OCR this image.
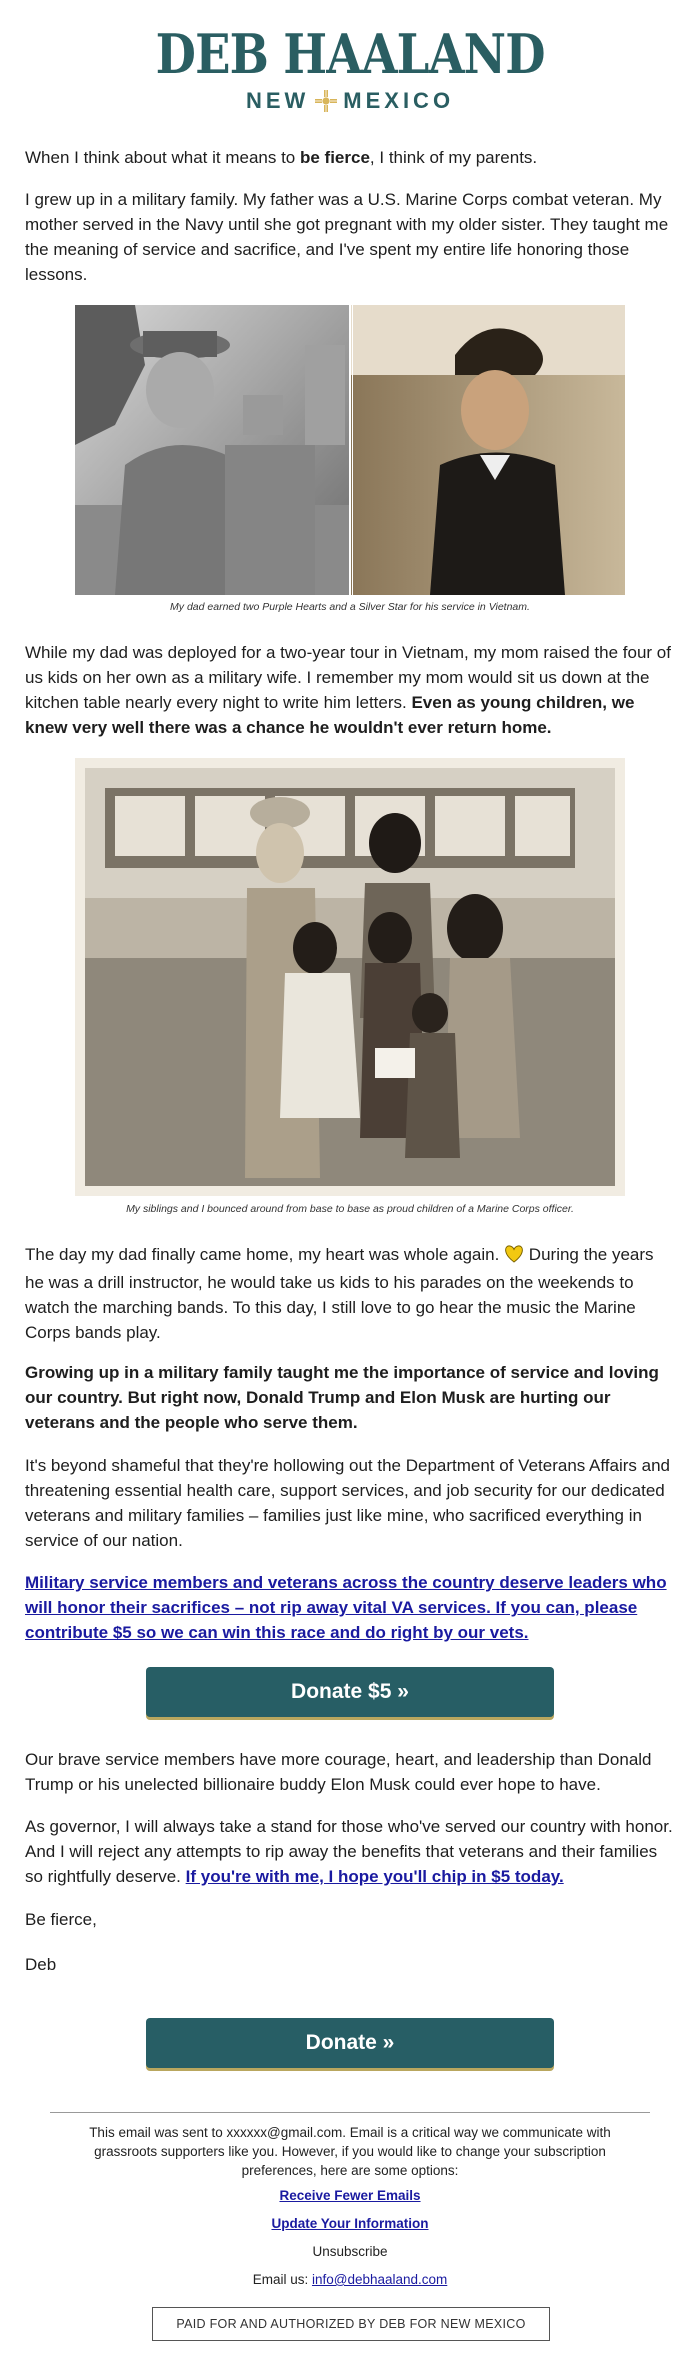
DEB HAALAND
NEW MEXICO

When I think about what it means to be fierce, I think of my parents.

I grew up in a military family. My father was a U.S. Marine Corps combat veteran. My mother served in the Navy until she got pregnant with my older sister. They taught me the meaning of service and sacrifice, and I've spent my entire life honoring those lessons.

My dad earned two Purple Hearts and a Silver Star for his service in Vietnam.

While my dad was deployed for a two-year tour in Vietnam, my mom raised the four of us kids on her own as a military wife. I remember my mom would sit us down at the kitchen table nearly every night to write him letters. Even as young children, we knew very well there was a chance he wouldn't ever return home.

My siblings and I bounced around from base to base as proud children of a Marine Corps officer.

The day my dad finally came home, my heart was whole again.  During the years he was a drill instructor, he would take us kids to his parades on the weekends to watch the marching bands. To this day, I still love to go hear the music the Marine Corps bands play.

Growing up in a military family taught me the importance of service and loving our country. But right now, Donald Trump and Elon Musk are hurting our veterans and the people who serve them.

It's beyond shameful that they're hollowing out the Department of Veterans Affairs and threatening essential health care, support services, and job security for our dedicated veterans and military families – families just like mine, who sacrificed everything in service of our nation.

Military service members and veterans across the country deserve leaders who will honor their sacrifices – not rip away vital VA services. If you can, please contribute $5 so we can win this race and do right by our vets.

Donate $5 »

Our brave service members have more courage, heart, and leadership than Donald Trump or his unelected billionaire buddy Elon Musk could ever hope to have.

As governor, I will always take a stand for those who've served our country with honor. And I will reject any attempts to rip away the benefits that veterans and their families so rightfully deserve. If you're with me, I hope you'll chip in $5 today.

Be fierce,

Deb

Donate »
This email was sent to xxxxxx@gmail.com. Email is a critical way we communicate with grassroots supporters like you. However, if you would like to change your subscription preferences, here are some options:
Receive Fewer Emails
Update Your Information
Unsubscribe
Email us: info@debhaaland.com
PAID FOR AND AUTHORIZED BY DEB FOR NEW MEXICO
